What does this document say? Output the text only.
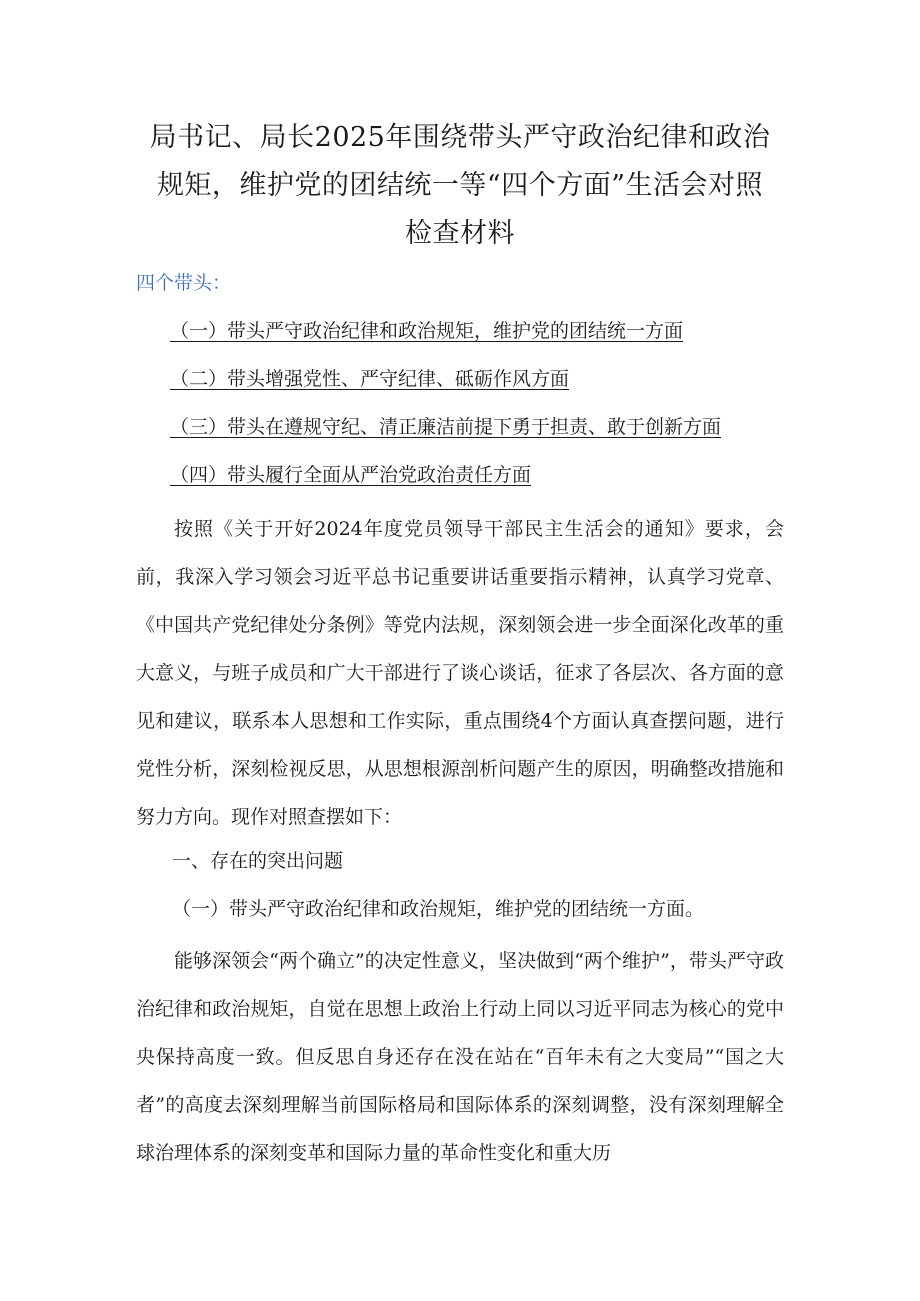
局书记、局长2025年围绕带头严守政治纪律和政治
规矩，维护党的团结统一等“四个方面”生活会对照
检查材料

四个带头：

（一）带头严守政治纪律和政治规矩，维护党的团结统一方面

（二）带头增强党性、严守纪律、砥砺作风方面

（三）带头在遵规守纪、清正廉洁前提下勇于担责、敢于创新方面

（四）带头履行全面从严治党政治责任方面

按照《关于开好2024年度党员领导干部民主生活会的通知》要求，会前，我深入学习领会习近平总书记重要讲话重要指示精神，认真学习党章、《中国共产党纪律处分条例》等党内法规，深刻领会进一步全面深化改革的重大意义，与班子成员和广大干部进行了谈心谈话，征求了各层次、各方面的意见和建议，联系本人思想和工作实际，重点围绕4个方面认真查摆问题，进行党性分析，深刻检视反思，从思想根源剖析问题产生的原因，明确整改措施和努力方向。现作对照查摆如下：

一、存在的突出问题

（一）带头严守政治纪律和政治规矩，维护党的团结统一方面。

能够深领会“两个确立”的决定性意义，坚决做到“两个维护”，带头严守政治纪律和政治规矩，自觉在思想上政治上行动上同以习近平同志为核心的党中央保持高度一致。但反思自身还存在没在站在“百年未有之大变局”“国之大者”的高度去深刻理解当前国际格局和国际体系的深刻调整，没有深刻理解全球治理体系的深刻变革和国际力量的革命性变化和重大历
